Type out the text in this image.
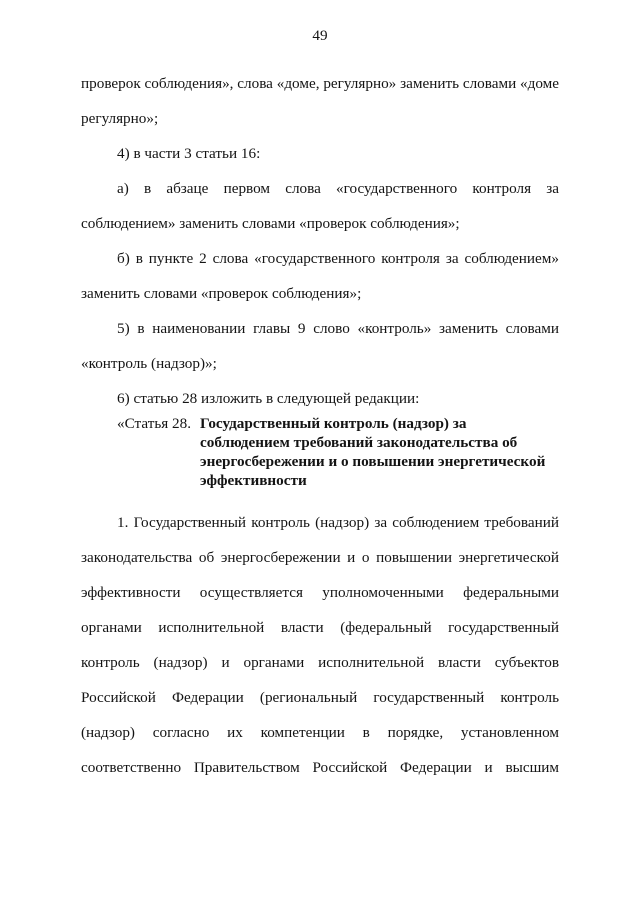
49
проверок соблюдения», слова «доме, регулярно» заменить словами «доме
регулярно»;
4) в части 3 статьи 16:
а) в абзаце первом слова «государственного контроля за
соблюдением» заменить словами «проверок соблюдения»;
б) в пункте 2 слова «государственного контроля за соблюдением»
заменить словами «проверок соблюдения»;
5) в наименовании главы 9 слово «контроль» заменить словами
«контроль (надзор)»;
6) статью 28 изложить в следующей редакции:
«Статья 28. Государственный контроль (надзор) за
соблюдением требований законодательства об
энергосбережении и о повышении энергетической
эффективности
1. Государственный контроль (надзор) за соблюдением требований
законодательства об энергосбережении и о повышении энергетической
эффективности осуществляется уполномоченными федеральными
органами исполнительной власти (федеральный государственный
контроль (надзор) и органами исполнительной власти субъектов
Российской Федерации (региональный государственный контроль
(надзор) согласно их компетенции в порядке, установленном
соответственно Правительством Российской Федерации и высшим
